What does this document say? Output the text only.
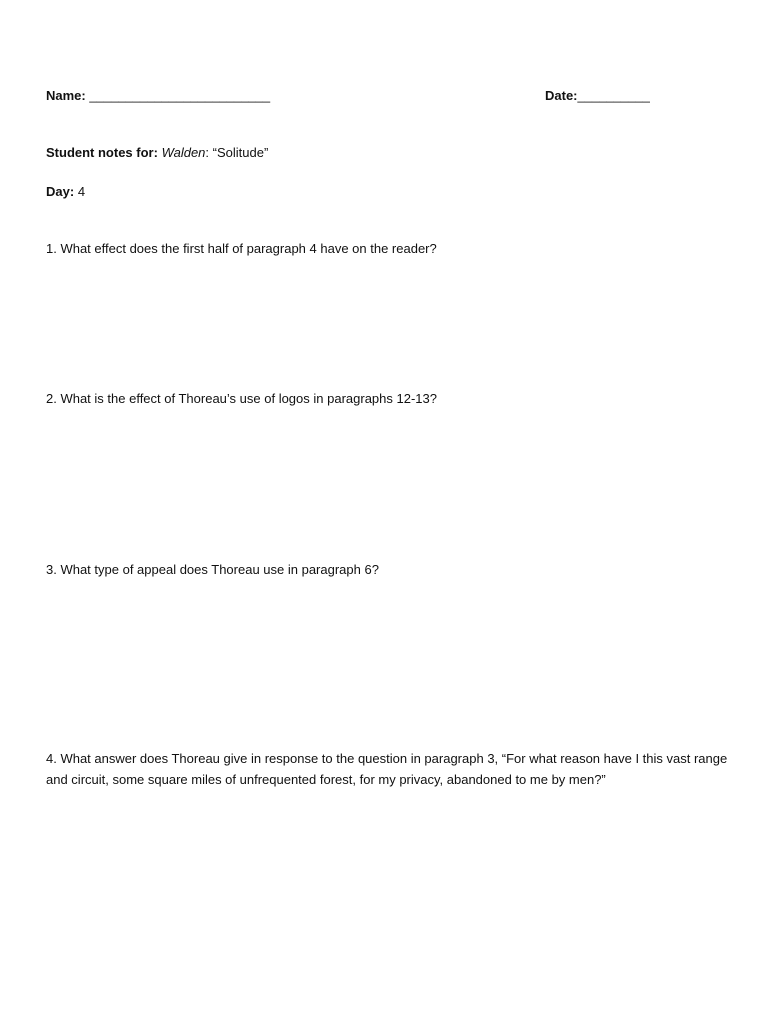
Name: _________________________	Date:__________
Student notes for: Walden: “Solitude”
Day: 4
1. What effect does the first half of paragraph 4 have on the reader?
2. What is the effect of Thoreau’s use of logos in paragraphs 12-13?
3. What type of appeal does Thoreau use in paragraph 6?
4. What answer does Thoreau give in response to the question in paragraph 3, “For what reason have I this vast range and circuit, some square miles of unfrequented forest, for my privacy, abandoned to me by men?”
